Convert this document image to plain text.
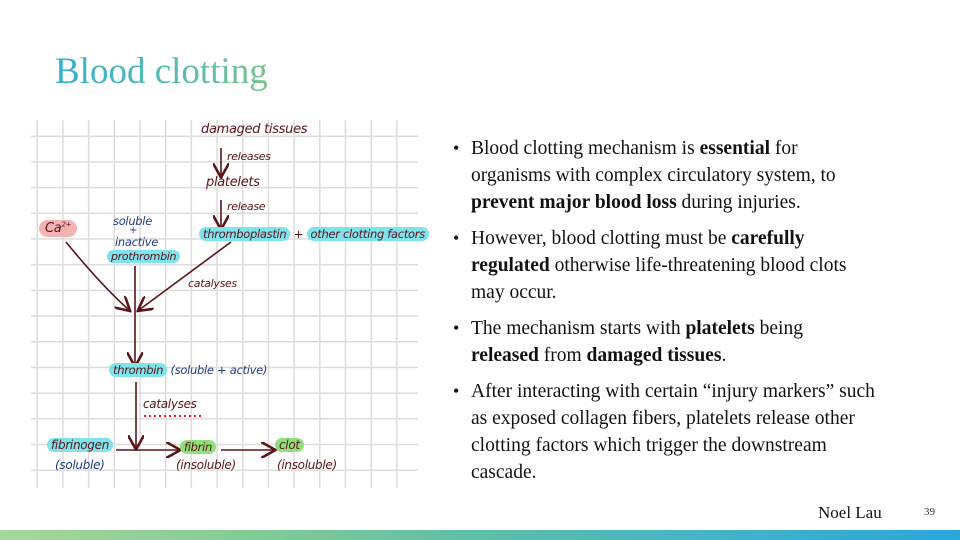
Blood clotting
damaged tissues
releases
platelets
release
thromboplastin + other clotting factors
$Ca^{2+}$	soluble
+
inactive
prothrombin
catalyses
thrombin (soluble + active)
catalyses
fibrinogen
(soluble)
fibrin
(insoluble)
clot
(insoluble)
• Blood clotting mechanism is essential for organisms with complex circulatory system, to prevent major blood loss during injuries.
• However, blood clotting must be carefully regulated otherwise life-threatening blood clots may occur.
• The mechanism starts with platelets being released from damaged tissues.
• After interacting with certain “injury markers” such as exposed collagen fibers, platelets release other clotting factors which trigger the downstream cascade.
Noel Lau	39
